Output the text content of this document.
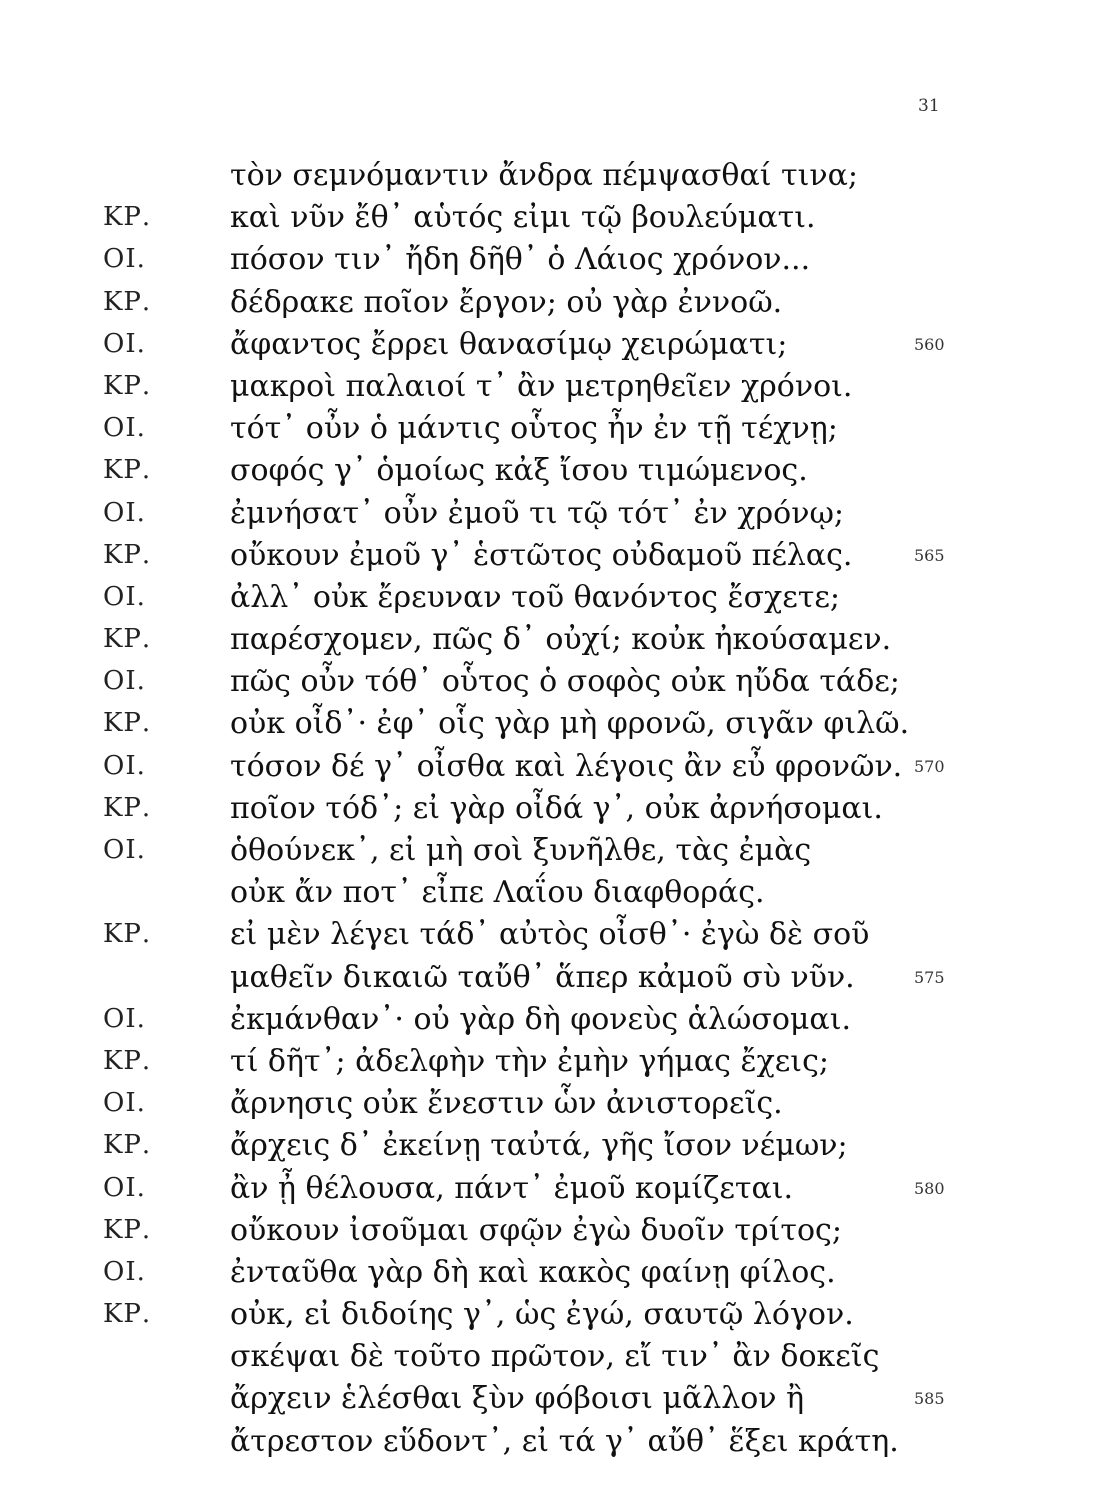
31
τὸν σεμνόμαντιν ἄνδρα πέμψασθαί τινα;
ΚΡ.	καὶ νῦν ἔθ᾽ αὑτός εἰμι τῷ βουλεύματι.
ΟΙ.	πόσον τιν᾽ ἤδη δῆθ᾽ ὁ Λάιος χρόνον...
ΚΡ.	δέδρακε ποῖον ἔργον; οὐ γὰρ ἐννοῶ.
ΟΙ.	ἄφαντος ἔρρει θανασίμῳ χειρώματι;	560
ΚΡ.	μακροὶ παλαιοί τ᾽ ἂν μετρηθεῖεν χρόνοι.
ΟΙ.	τότ᾽ οὖν ὁ μάντις οὗτος ἦν ἐν τῇ τέχνῃ;
ΚΡ.	σοφός γ᾽ ὁμοίως κἀξ ἴσου τιμώμενος.
ΟΙ.	ἐμνήσατ᾽ οὖν ἐμοῦ τι τῷ τότ᾽ ἐν χρόνῳ;
ΚΡ.	οὔκουν ἐμοῦ γ᾽ ἑστῶτος οὐδαμοῦ πέλας.	565
ΟΙ.	ἀλλ᾽ οὐκ ἔρευναν τοῦ θανόντος ἔσχετε;
ΚΡ.	παρέσχομεν, πῶς δ᾽ οὐχί; κοὐκ ἠκούσαμεν.
ΟΙ.	πῶς οὖν τόθ᾽ οὗτος ὁ σοφὸς οὐκ ηὔδα τάδε;
ΚΡ.	οὐκ οἶδ᾽· ἐφ᾽ οἷς γὰρ μὴ φρονῶ, σιγᾶν φιλῶ.
ΟΙ.	τόσον δέ γ᾽ οἶσθα καὶ λέγοις ἂν εὖ φρονῶν. 570
ΚΡ.	ποῖον τόδ᾽; εἰ γὰρ οἶδά γ᾽, οὐκ ἀρνήσομαι.
ΟΙ.	ὁθούνεκ᾽, εἰ μὴ σοὶ ξυνῆλθε, τὰς ἐμὰς
οὐκ ἄν ποτ᾽ εἶπε Λαΐου διαφθοράς.
ΚΡ.	εἰ μὲν λέγει τάδ᾽ αὐτὸς οἶσθ᾽· ἐγὼ δὲ σοῦ
μαθεῖν δικαιῶ ταὔθ᾽ ἅπερ κἀμοῦ σὺ νῦν.	575
ΟΙ.	ἐκμάνθαν᾽· οὐ γὰρ δὴ φονεὺς ἁλώσομαι.
ΚΡ.	τί δῆτ᾽; ἀδελφὴν τὴν ἐμὴν γήμας ἔχεις;
ΟΙ.	ἄρνησις οὐκ ἔνεστιν ὧν ἀνιστορεῖς.
ΚΡ.	ἄρχεις δ᾽ ἐκείνῃ ταὐτά, γῆς ἴσον νέμων;
ΟΙ.	ἂν ᾖ θέλουσα, πάντ᾽ ἐμοῦ κομίζεται.	580
ΚΡ.	οὔκουν ἰσοῦμαι σφῷν ἐγὼ δυοῖν τρίτος;
ΟΙ.	ἐνταῦθα γὰρ δὴ καὶ κακὸς φαίνῃ φίλος.
ΚΡ.	οὐκ, εἰ διδοίης γ᾽, ὡς ἐγώ, σαυτῷ λόγον.
σκέψαι δὲ τοῦτο πρῶτον, εἴ τιν᾽ ἂν δοκεῖς
ἄρχειν ἑλέσθαι ξὺν φόβοισι μᾶλλον ἢ	585
ἄτρεστον εὕδοντ᾽, εἰ τά γ᾽ αὔθ᾽ ἕξει κράτη.
